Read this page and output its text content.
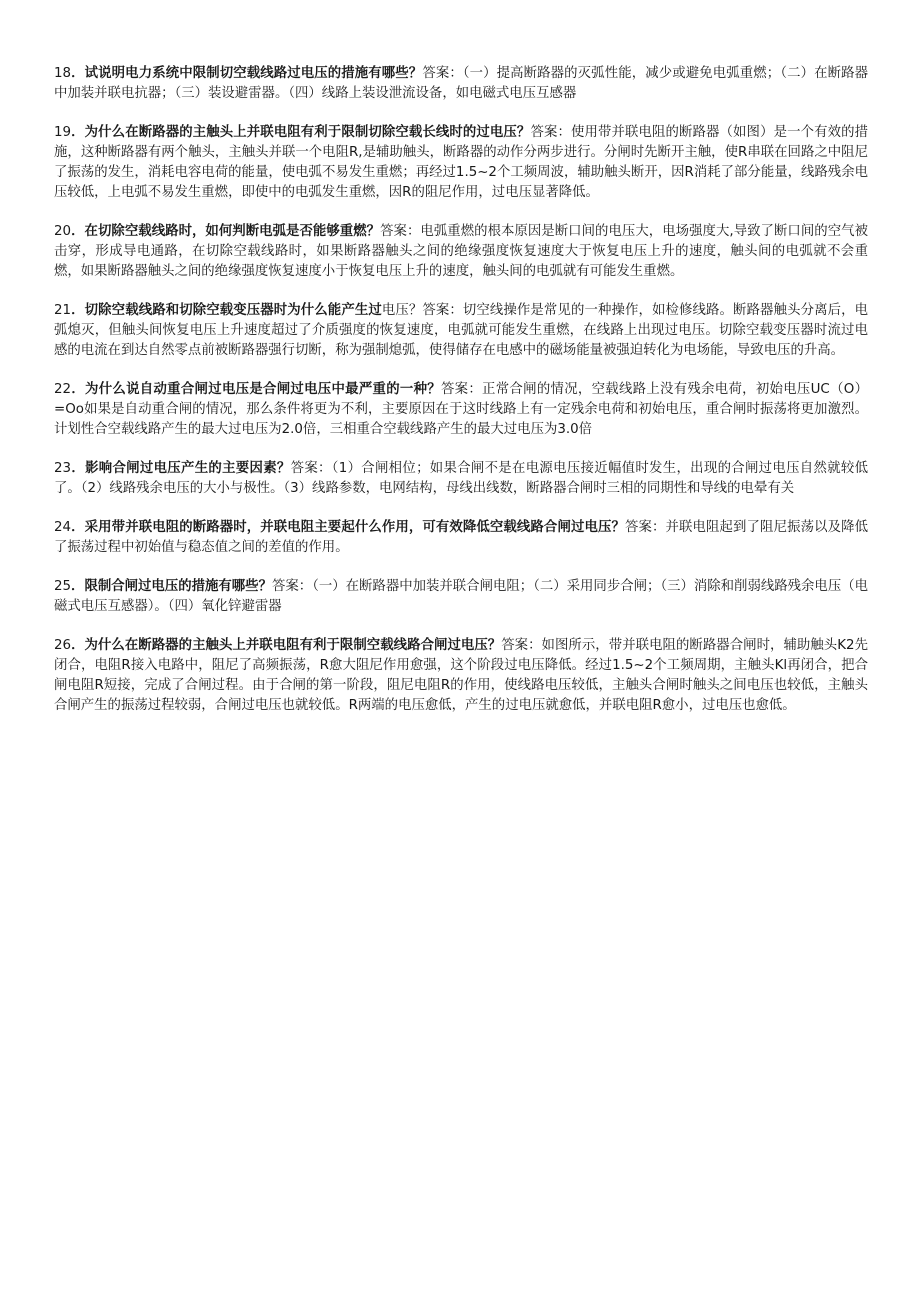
18．试说明电力系统中限制切空载线路过电压的措施有哪些？答案：（一）提高断路器的灭弧性能，减少或避免电弧重燃；（二）在断路器中加装并联电抗器；（三）装设避雷器。（四）线路上装设泄流设备，如电磁式电压互感器

19．为什么在断路器的主触头上并联电阻有利于限制切除空载长线时的过电压？答案：使用带并联电阻的断路器（如图）是一个有效的措施，这种断路器有两个触头，主触头并联一个电阻R,是辅助触头，断路器的动作分两步进行。分闸时先断开主触，使R串联在回路之中阻尼了振荡的发生，消耗电容电荷的能量，使电弧不易发生重燃；再经过1.5~2个工频周波，辅助触头断开，因R消耗了部分能量，线路残余电压较低，上电弧不易发生重燃，即使中的电弧发生重燃，因R的阻尼作用，过电压显著降低。

20．在切除空载线路时，如何判断电弧是否能够重燃？答案：电弧重燃的根本原因是断口间的电压大，电场强度大,导致了断口间的空气被击穿，形成导电通路，在切除空载线路时，如果断路器触头之间的绝缘强度恢复速度大于恢复电压上升的速度，触头间的电弧就不会重燃，如果断路器触头之间的绝缘强度恢复速度小于恢复电压上升的速度，触头间的电弧就有可能发生重燃。

21．切除空载线路和切除空载变压器时为什么能产生过电压？答案：切空线操作是常见的一种操作，如检修线路。断路器触头分离后，电弧熄灭，但触头间恢复电压上升速度超过了介质强度的恢复速度，电弧就可能发生重燃，在线路上出现过电压。切除空载变压器时流过电感的电流在到达自然零点前被断路器强行切断，称为强制熄弧，使得储存在电感中的磁场能量被强迫转化为电场能，导致电压的升高。

22．为什么说自动重合闸过电压是合闸过电压中最严重的一种？答案：正常合闸的情况，空载线路上没有残余电荷，初始电压UC（O）=Oo如果是自动重合闸的情况，那么条件将更为不利，主要原因在于这时线路上有一定残余电荷和初始电压，重合闸时振荡将更加激烈。计划性合空载线路产生的最大过电压为2.0倍，三相重合空载线路产生的最大过电压为3.0倍

23．影响合闸过电压产生的主要因素？答案：（1）合闸相位；如果合闸不是在电源电压接近幅值时发生，出现的合闸过电压自然就较低了。（2）线路残余电压的大小与极性。（3）线路参数，电网结构，母线出线数，断路器合闸时三相的同期性和导线的电晕有关

24．采用带并联电阻的断路器时，并联电阻主要起什么作用，可有效降低空载线路合闸过电压？答案：并联电阻起到了阻尼振荡以及降低了振荡过程中初始值与稳态值之间的差值的作用。

25．限制合闸过电压的措施有哪些？答案：（一）在断路器中加装并联合闸电阻；（二）采用同步合闸；（三）消除和削弱线路残余电压（电磁式电压互感器）。（四）氧化锌避雷器

26．为什么在断路器的主触头上并联电阻有利于限制空载线路合闸过电压？答案：如图所示，带并联电阻的断路器合闸时，辅助触头K2先闭合，电阻R接入电路中，阻尼了高频振荡，R愈大阻尼作用愈强，这个阶段过电压降低。经过1.5~2个工频周期，主触头Kl再闭合，把合闸电阻R短接，完成了合闸过程。由于合闸的第一阶段，阻尼电阻R的作用，使线路电压较低，主触头合闸时触头之间电压也较低，主触头合闸产生的振荡过程较弱，合闸过电压也就较低。R两端的电压愈低，产生的过电压就愈低，并联电阻R愈小，过电压也愈低。
